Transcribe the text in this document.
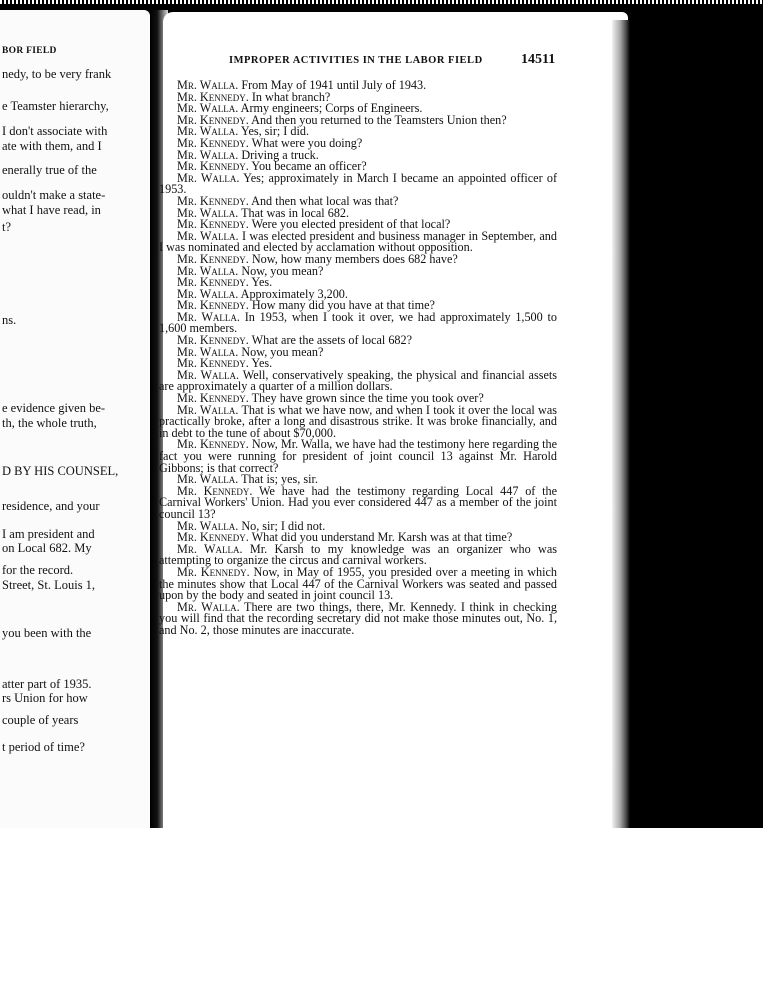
BOR FIELD
nedy, to be very frank
e Teamster hierarchy,
I don't associate with
ate with them, and I
enerally true of the
ouldn't make a state-
what I have read, in
t?
ns.
e evidence given be-
th, the whole truth,
D BY HIS COUNSEL,
residence, and your
I am president and
on Local 682. My
for the record.
Street, St. Louis 1,
you been with the
atter part of 1935.
rs Union for how
couple of years
t period of time?
IMPROPER ACTIVITIES IN THE LABOR FIELD	14511

Mr. Walla. From May of 1941 until July of 1943.

Mr. Kennedy. In what branch?

Mr. Walla. Army engineers; Corps of Engineers.

Mr. Kennedy. And then you returned to the Teamsters Union then?

Mr. Walla. Yes, sir; I did.

Mr. Kennedy. What were you doing?

Mr. Walla. Driving a truck.

Mr. Kennedy. You became an officer?

Mr. Walla. Yes; approximately in March I became an appointed officer of 1953.

Mr. Kennedy. And then what local was that?

Mr. Walla. That was in local 682.

Mr. Kennedy. Were you elected president of that local?

Mr. Walla. I was elected president and business manager in September, and I was nominated and elected by acclamation without opposition.

Mr. Kennedy. Now, how many members does 682 have?

Mr. Walla. Now, you mean?

Mr. Kennedy. Yes.

Mr. Walla. Approximately 3,200.

Mr. Kennedy. How many did you have at that time?

Mr. Walla. In 1953, when I took it over, we had approximately 1,500 to 1,600 members.

Mr. Kennedy. What are the assets of local 682?

Mr. Walla. Now, you mean?

Mr. Kennedy. Yes.

Mr. Walla. Well, conservatively speaking, the physical and financial assets are approximately a quarter of a million dollars.

Mr. Kennedy. They have grown since the time you took over?

Mr. Walla. That is what we have now, and when I took it over the local was practically broke, after a long and disastrous strike. It was broke financially, and in debt to the tune of about $70,000.

Mr. Kennedy. Now, Mr. Walla, we have had the testimony here regarding the fact you were running for president of joint council 13 against Mr. Harold Gibbons; is that correct?

Mr. Walla. That is; yes, sir.

Mr. Kennedy. We have had the testimony regarding Local 447 of the Carnival Workers' Union. Had you ever considered 447 as a member of the joint council 13?

Mr. Walla. No, sir; I did not.

Mr. Kennedy. What did you understand Mr. Karsh was at that time?

Mr. Walla. Mr. Karsh to my knowledge was an organizer who was attempting to organize the circus and carnival workers.

Mr. Kennedy. Now, in May of 1955, you presided over a meeting in which the minutes show that Local 447 of the Carnival Workers was seated and passed upon by the body and seated in joint council 13.

Mr. Walla. There are two things, there, Mr. Kennedy. I think in checking you will find that the recording secretary did not make those minutes out, No. 1, and No. 2, those minutes are inaccurate.
